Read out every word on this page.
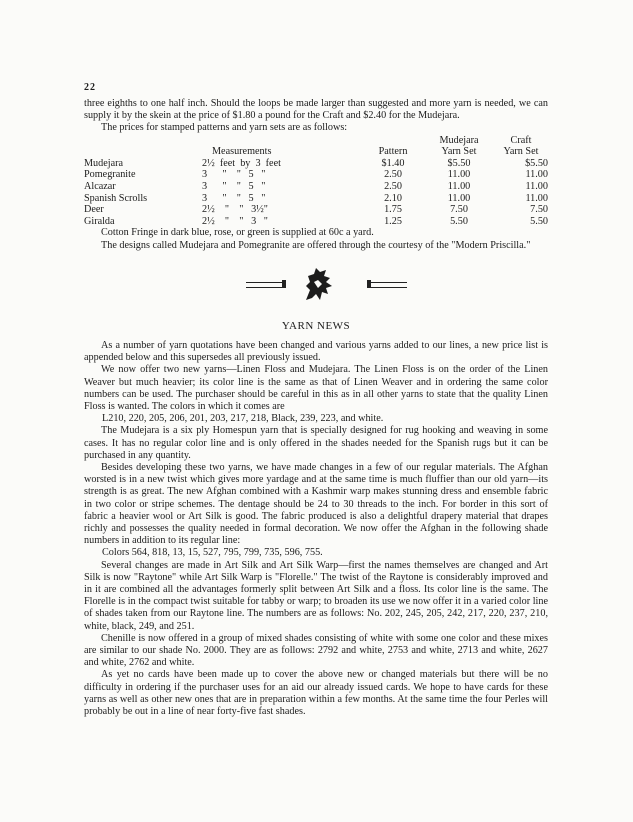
22

three eighths to one half inch. Should the loops be made larger than suggested and more yarn is needed, we can supply it by the skein at the price of $1.80 a pound for the Craft and $2.40 for the Mudejara.

The prices for stamped patterns and yarn sets are as follows:

			Mudejara	Craft
	Measurements	Pattern	Yarn Set	Yarn Set
Mudejara	2½  feet  by  3  feet	$1.40	$5.50	$5.50
Pomegranite	3      "    "   5   "	2.50	11.00	11.00
Alcazar	3      "    "   5   "	2.50	11.00	11.00
Spanish Scrolls	3      "    "   5   "	2.10	11.00	11.00
Deer	2½    "    "   3½"	1.75	7.50	7.50
Giralda	2½    "    "   3   "	1.25	5.50	5.50

Cotton Fringe in dark blue, rose, or green is supplied at 60c a yard.

The designs called Mudejara and Pomegranite are offered through the courtesy of the "Modern Priscilla."

YARN NEWS

As a number of yarn quotations have been changed and various yarns added to our lines, a new price list is appended below and this supersedes all previously issued.

We now offer two new yarns—Linen Floss and Mudejara. The Linen Floss is on the order of the Linen Weaver but much heavier; its color line is the same as that of Linen Weaver and in ordering the same color numbers can be used. The purchaser should be careful in this as in all other yarns to state that the quality Linen Floss is wanted. The colors in which it comes are

L210, 220, 205, 206, 201, 203, 217, 218, Black, 239, 223, and white.

The Mudejara is a six ply Homespun yarn that is specially designed for rug hooking and weaving in some cases. It has no regular color line and is only offered in the shades needed for the Spanish rugs but it can be purchased in any quantity.

Besides developing these two yarns, we have made changes in a few of our regular materials. The Afghan worsted is in a new twist which gives more yardage and at the same time is much fluffier than our old yarn—its strength is as great. The new Afghan combined with a Kashmir warp makes stunning dress and ensemble fabric in two color or stripe schemes. The dentage should be 24 to 30 threads to the inch. For border in this sort of fabric a heavier wool or Art Silk is good. The fabric produced is also a delightful drapery material that drapes richly and possesses the quality needed in formal decoration. We now offer the Afghan in the following shade numbers in addition to its regular line:

Colors 564, 818, 13, 15, 527, 795, 799, 735, 596, 755.

Several changes are made in Art Silk and Art Silk Warp—first the names themselves are changed and Art Silk is now "Raytone" while Art Silk Warp is "Florelle." The twist of the Raytone is considerably improved and in it are combined all the advantages formerly split between Art Silk and a floss. Its color line is the same. The Florelle is in the compact twist suitable for tabby or warp; to broaden its use we now offer it in a varied color line of shades taken from our Raytone line. The numbers are as follows: No. 202, 245, 205, 242, 217, 220, 237, 210, white, black, 249, and 251.

Chenille is now offered in a group of mixed shades consisting of white with some one color and these mixes are similar to our shade No. 2000. They are as follows: 2792 and white, 2753 and white, 2713 and white, 2627 and white, 2762 and white.

As yet no cards have been made up to cover the above new or changed materials but there will be no difficulty in ordering if the purchaser uses for an aid our already issued cards. We hope to have cards for these yarns as well as other new ones that are in preparation within a few months. At the same time the four Perles will probably be out in a line of near forty-five fast shades.
